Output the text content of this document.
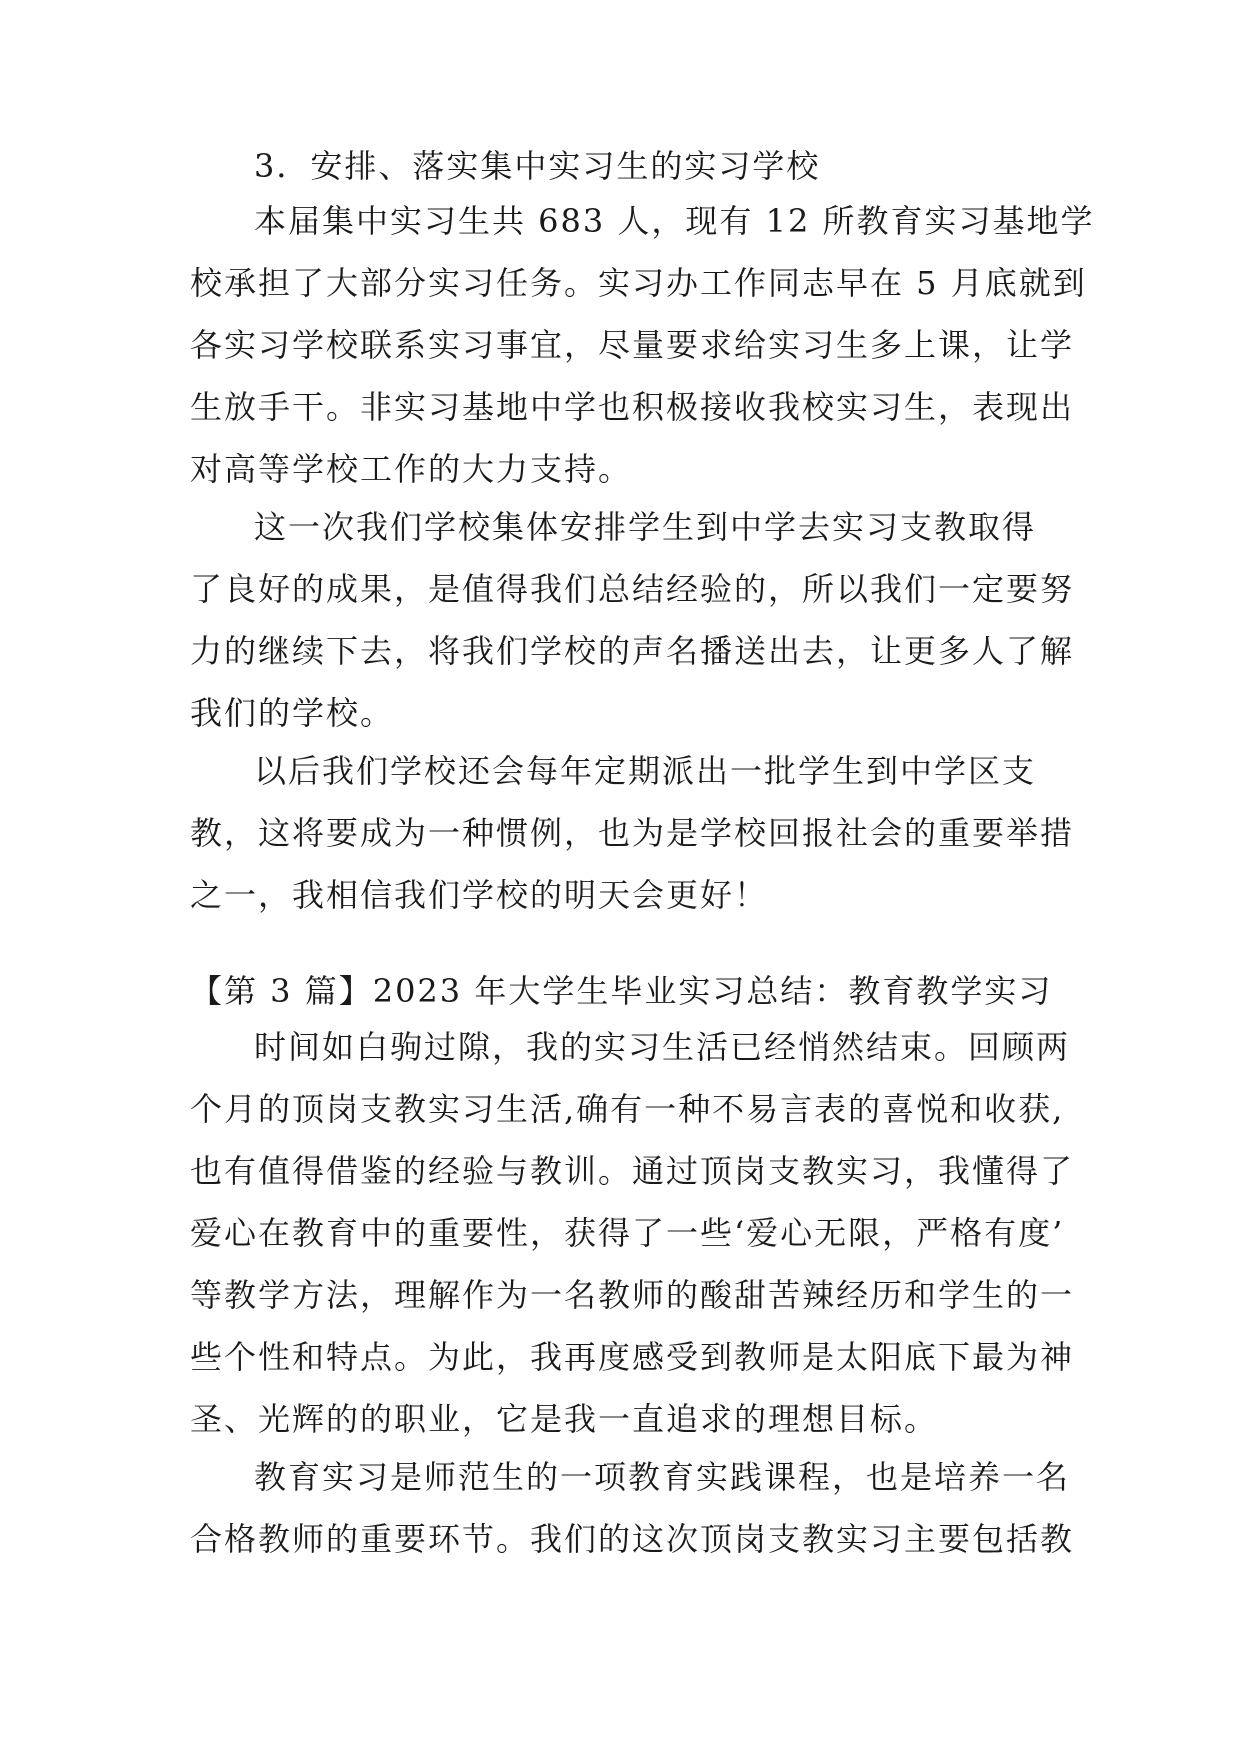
3．安排、落实集中实习生的实习学校
本届集中实习生共 683 人，现有 12 所教育实习基地学
校承担了大部分实习任务。实习办工作同志早在 5 月底就到
各实习学校联系实习事宜，尽量要求给实习生多上课，让学
生放手干。非实习基地中学也积极接收我校实习生，表现出
对高等学校工作的大力支持。
这一次我们学校集体安排学生到中学去实习支教取得
了良好的成果，是值得我们总结经验的，所以我们一定要努
力的继续下去，将我们学校的声名播送出去，让更多人了解
我们的学校。
以后我们学校还会每年定期派出一批学生到中学区支
教，这将要成为一种惯例，也为是学校回报社会的重要举措
之一，我相信我们学校的明天会更好！
【第 3 篇】2023 年大学生毕业实习总结：教育教学实习
时间如白驹过隙，我的实习生活已经悄然结束。回顾两
个月的顶岗支教实习生活,确有一种不易言表的喜悦和收获,
也有值得借鉴的经验与教训。通过顶岗支教实习，我懂得了
爱心在教育中的重要性，获得了一些‘爱心无限，严格有度’
等教学方法，理解作为一名教师的酸甜苦辣经历和学生的一
些个性和特点。为此，我再度感受到教师是太阳底下最为神
圣、光辉的的职业，它是我一直追求的理想目标。
教育实习是师范生的一项教育实践课程，也是培养一名
合格教师的重要环节。我们的这次顶岗支教实习主要包括教
